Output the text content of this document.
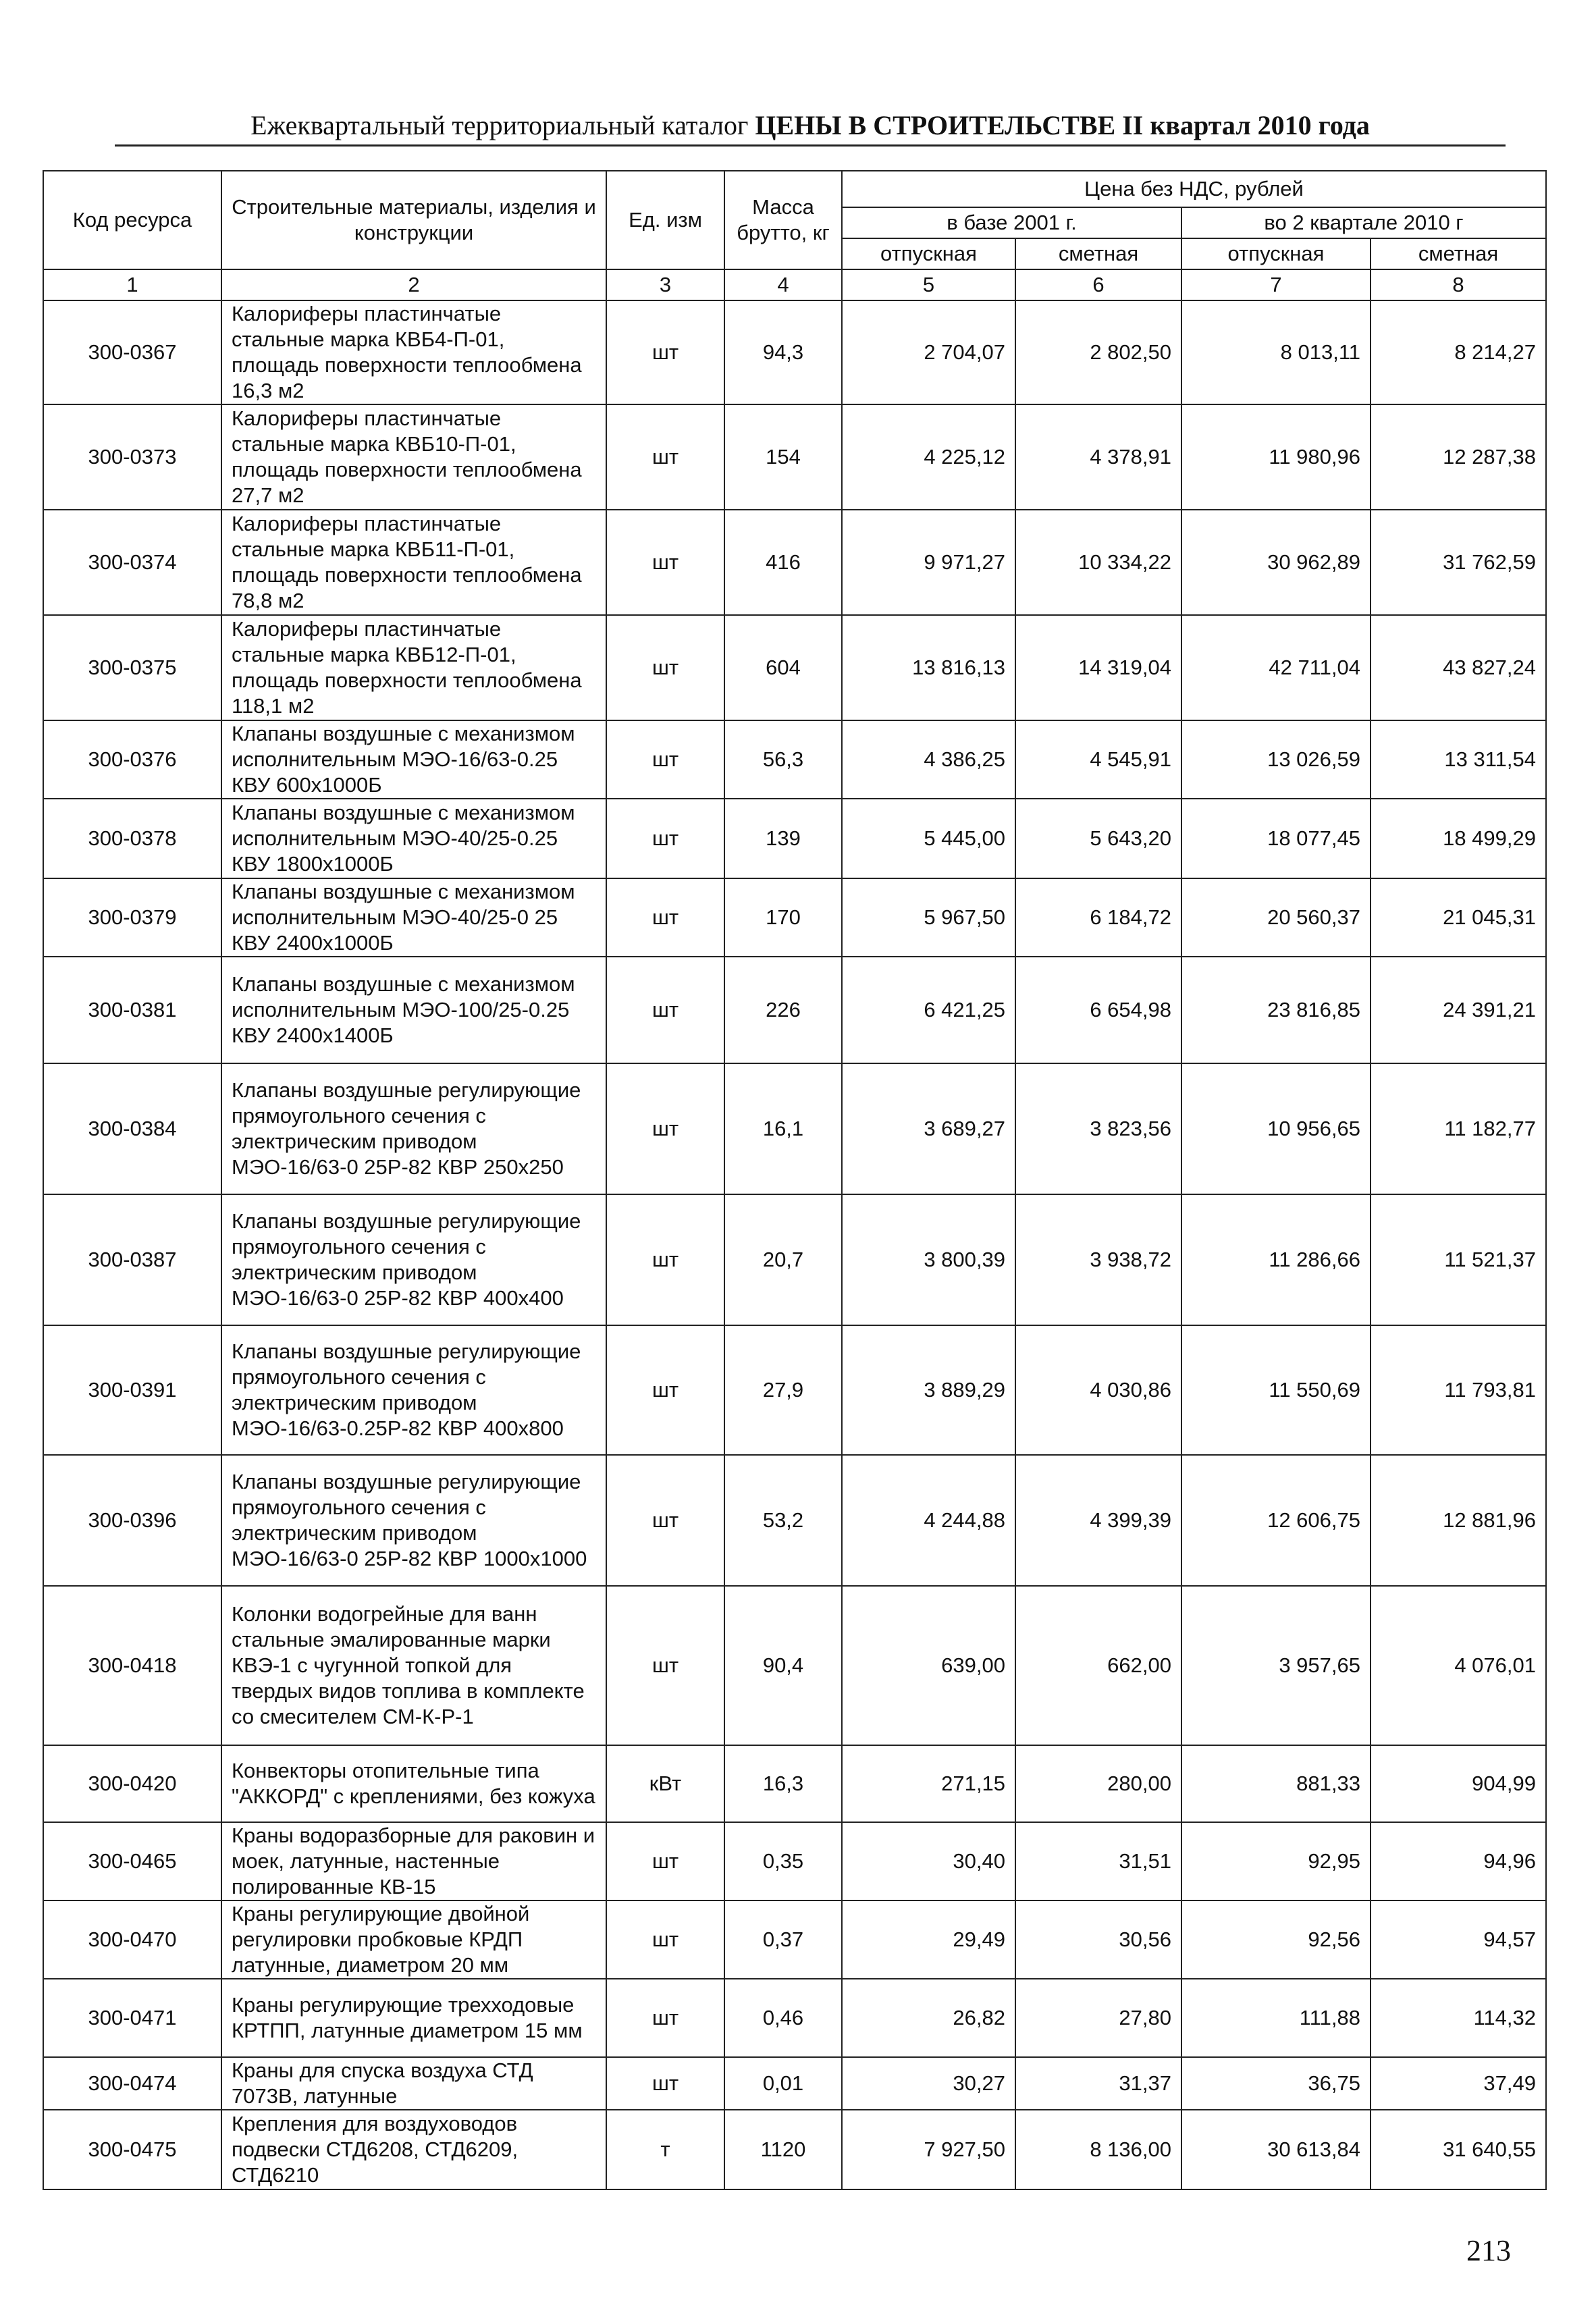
Ежеквартальный территориальный каталог ЦЕНЫ В СТРОИТЕЛЬСТВЕ II квартал 2010 года
Код ресурса	Строительные материалы, изделия и конструкции	Ед. изм	Масса брутто, кг	Цена без НДС, рублей			
				в базе 2001 г.		во 2 квартале 2010 г	
				отпускная	сметная	отпускная	сметная
1	2	3	4	5	6	7	8
300-0367	Калориферы пластинчатые стальные марка КВБ4-П-01, площадь поверхности теплообмена 16,3 м2	шт	94,3	2 704,07	2 802,50	8 013,11	8 214,27
300-0373	Калориферы пластинчатые стальные марка КВБ10-П-01, площадь поверхности теплообмена 27,7 м2	шт	154	4 225,12	4 378,91	11 980,96	12 287,38
300-0374	Калориферы пластинчатые стальные марка КВБ11-П-01, площадь поверхности теплообмена 78,8 м2	шт	416	9 971,27	10 334,22	30 962,89	31 762,59
300-0375	Калориферы пластинчатые стальные марка КВБ12-П-01, площадь поверхности теплообмена 118,1 м2	шт	604	13 816,13	14 319,04	42 711,04	43 827,24
300-0376	Клапаны воздушные с механизмом исполнительным МЭО-16/63-0.25 КВУ 600х1000Б	шт	56,3	4 386,25	4 545,91	13 026,59	13 311,54
300-0378	Клапаны воздушные с механизмом исполнительным МЭО-40/25-0.25 КВУ 1800х1000Б	шт	139	5 445,00	5 643,20	18 077,45	18 499,29
300-0379	Клапаны воздушные с механизмом исполнительным МЭО-40/25-0 25 КВУ 2400х1000Б	шт	170	5 967,50	6 184,72	20 560,37	21 045,31
300-0381	Клапаны воздушные с механизмом исполнительным МЭО-100/25-0.25 КВУ 2400х1400Б	шт	226	6 421,25	6 654,98	23 816,85	24 391,21
300-0384	Клапаны воздушные регулирующие прямоугольного сечения с электрическим приводом МЭО-16/63-0 25Р-82 КВР 250х250	шт	16,1	3 689,27	3 823,56	10 956,65	11 182,77
300-0387	Клапаны воздушные регулирующие прямоугольного сечения с электрическим приводом МЭО-16/63-0 25Р-82 КВР 400х400	шт	20,7	3 800,39	3 938,72	11 286,66	11 521,37
300-0391	Клапаны воздушные регулирующие прямоугольного сечения с электрическим приводом МЭО-16/63-0.25Р-82 КВР 400х800	шт	27,9	3 889,29	4 030,86	11 550,69	11 793,81
300-0396	Клапаны воздушные регулирующие прямоугольного сечения с электрическим приводом МЭО-16/63-0 25Р-82 КВР 1000х1000	шт	53,2	4 244,88	4 399,39	12 606,75	12 881,96
300-0418	Колонки водогрейные для ванн стальные эмалированные марки КВЭ-1 с чугунной топкой для твердых видов топлива в комплекте со смесителем СМ-К-Р-1	шт	90,4	639,00	662,00	3 957,65	4 076,01
300-0420	Конвекторы отопительные типа "АККОРД" с креплениями, без кожуха	кВт	16,3	271,15	280,00	881,33	904,99
300-0465	Краны водоразборные для раковин и моек, латунные, настенные полированные КВ-15	шт	0,35	30,40	31,51	92,95	94,96
300-0470	Краны регулирующие двойной регулировки пробковые КРДП латунные, диаметром 20 мм	шт	0,37	29,49	30,56	92,56	94,57
300-0471	Краны регулирующие трехходовые КРТПП, латунные диаметром 15 мм	шт	0,46	26,82	27,80	111,88	114,32
300-0474	Краны для спуска воздуха СТД 7073В, латунные	шт	0,01	30,27	31,37	36,75	37,49
300-0475	Крепления для воздуховодов подвески СТД6208, СТД6209, СТД6210	т	1120	7 927,50	8 136,00	30 613,84	31 640,55
213
